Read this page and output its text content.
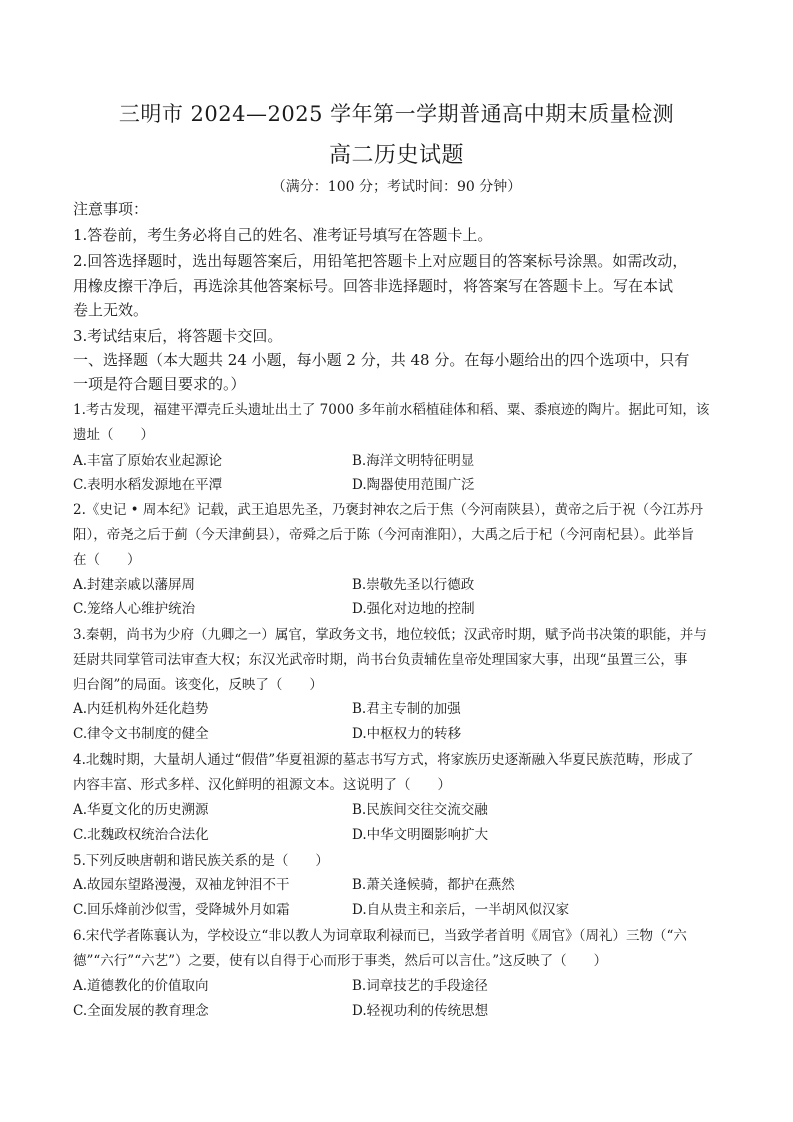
三明市 2024—2025 学年第一学期普通高中期末质量检测
高二历史试题
（满分：100 分；考试时间：90 分钟）
注意事项：
1.答卷前，考生务必将自己的姓名、准考证号填写在答题卡上。
2.回答选择题时，选出每题答案后，用铅笔把答题卡上对应题目的答案标号涂黑。如需改动，
用橡皮擦干净后，再选涂其他答案标号。回答非选择题时，将答案写在答题卡上。写在本试
卷上无效。
3.考试结束后，将答题卡交回。
一、选择题（本大题共 24 小题，每小题 2 分，共 48 分。在每小题给出的四个选项中，只有
一项是符合题目要求的。）
1.考古发现，福建平潭壳丘头遗址出土了 7000 多年前水稻植硅体和稻、粟、黍痕迹的陶片。据此可知，该
遗址（　　）
A.丰富了原始农业起源论	B.海洋文明特征明显
C.表明水稻发源地在平潭	D.陶器使用范围广泛
2.《史记 • 周本纪》记载，武王追思先圣，乃褒封神农之后于焦（今河南陕县），黄帝之后于祝（今江苏丹
阳），帝尧之后于蓟（今天津蓟县），帝舜之后于陈（今河南淮阳），大禹之后于杞（今河南杞县）。此举旨
在（　　）
A.封建亲戚以藩屏周	B.崇敬先圣以行德政
C.笼络人心维护统治	D.强化对边地的控制
3.秦朝，尚书为少府（九卿之一）属官，掌政务文书，地位较低；汉武帝时期，赋予尚书决策的职能，并与
廷尉共同掌管司法审查大权；东汉光武帝时期，尚书台负责辅佐皇帝处理国家大事，出现“虽置三公，事
归台阁”的局面。该变化，反映了（　　）
A.内廷机构外廷化趋势	B.君主专制的加强
C.律令文书制度的健全	D.中枢权力的转移
4.北魏时期，大量胡人通过“假借”华夏祖源的墓志书写方式，将家族历史逐渐融入华夏民族范畴，形成了
内容丰富、形式多样、汉化鲜明的祖源文本。这说明了（　　）
A.华夏文化的历史溯源	B.民族间交往交流交融
C.北魏政权统治合法化	D.中华文明圈影响扩大
5.下列反映唐朝和谐民族关系的是（　　）
A.故园东望路漫漫，双袖龙钟泪不干	B.萧关逢候骑，都护在燕然
C.回乐烽前沙似雪，受降城外月如霜	D.自从贵主和亲后，一半胡风似汉家
6.宋代学者陈襄认为，学校设立“非以教人为词章取利禄而已，当致学者首明《周官》（周礼）三物（“六
德”“六行”“六艺”）之要，使有以自得于心而形于事类，然后可以言仕。”这反映了（　　）
A.道德教化的价值取向	B.词章技艺的手段途径
C.全面发展的教育理念	D.轻视功利的传统思想
